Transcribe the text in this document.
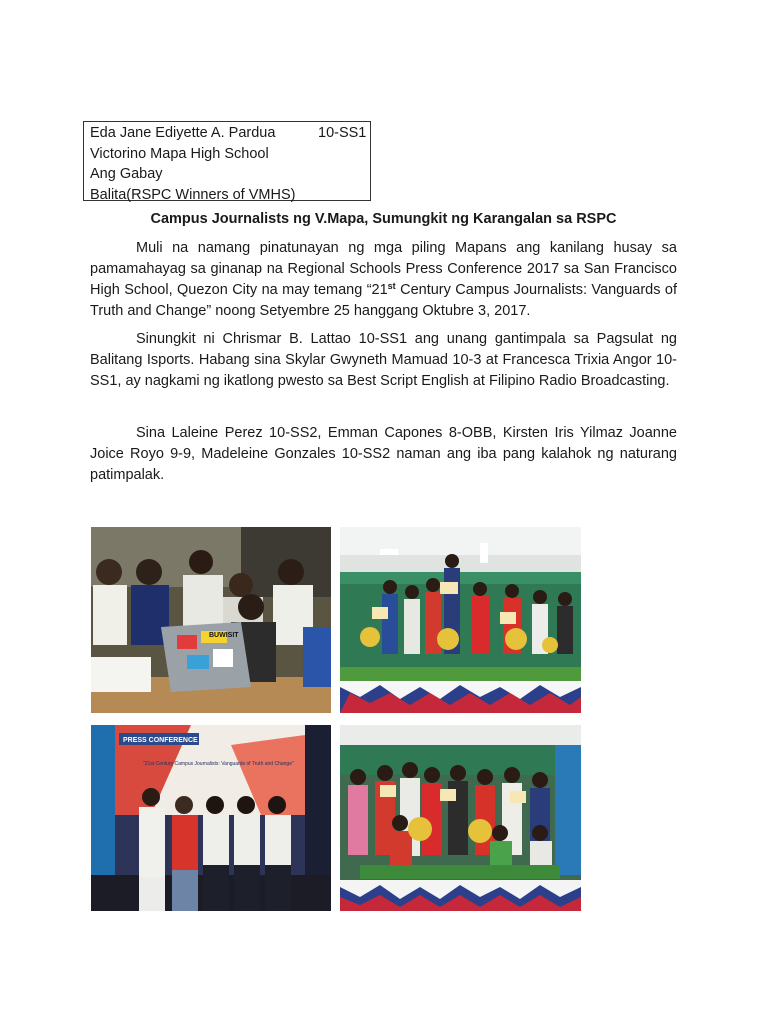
Eda Jane Ediyette A. Pardua	10-SS1
Victorino Mapa High School
Ang Gabay
Balita(RSPC Winners of VMHS)
Campus Journalists ng V.Mapa, Sumungkit ng Karangalan sa RSPC

Muli na namang pinatunayan ng mga piling Mapans ang kanilang husay sa pamamahayag sa ginanap na Regional Schools Press Conference 2017 sa San Francisco High School, Quezon City na may temang “21st Century Campus Journalists: Vanguards of Truth and Change” noong Setyembre 25 hanggang Oktubre 3, 2017.

Sinungkit ni Chrismar B. Lattao 10-SS1 ang unang gantimpala sa Pagsulat ng Balitang Isports. Habang sina Skylar Gwyneth Mamuad 10-3 at Francesca Trixia Angor 10-SS1, ay nagkami ng ikatlong pwesto sa Best Script English at Filipino Radio Broadcasting.

Sina Laleine Perez 10-SS2, Emman Capones 8-OBB, Kirsten Iris Yilmaz Joanne Joice Royo 9-9, Madeleine Gonzales 10-SS2 naman ang iba pang kalahok ng naturang patimpalak.

BUWISIT
PRESS CONFERENCE
"21st Century Campus Journalists: Vanguards of Truth and Change"
